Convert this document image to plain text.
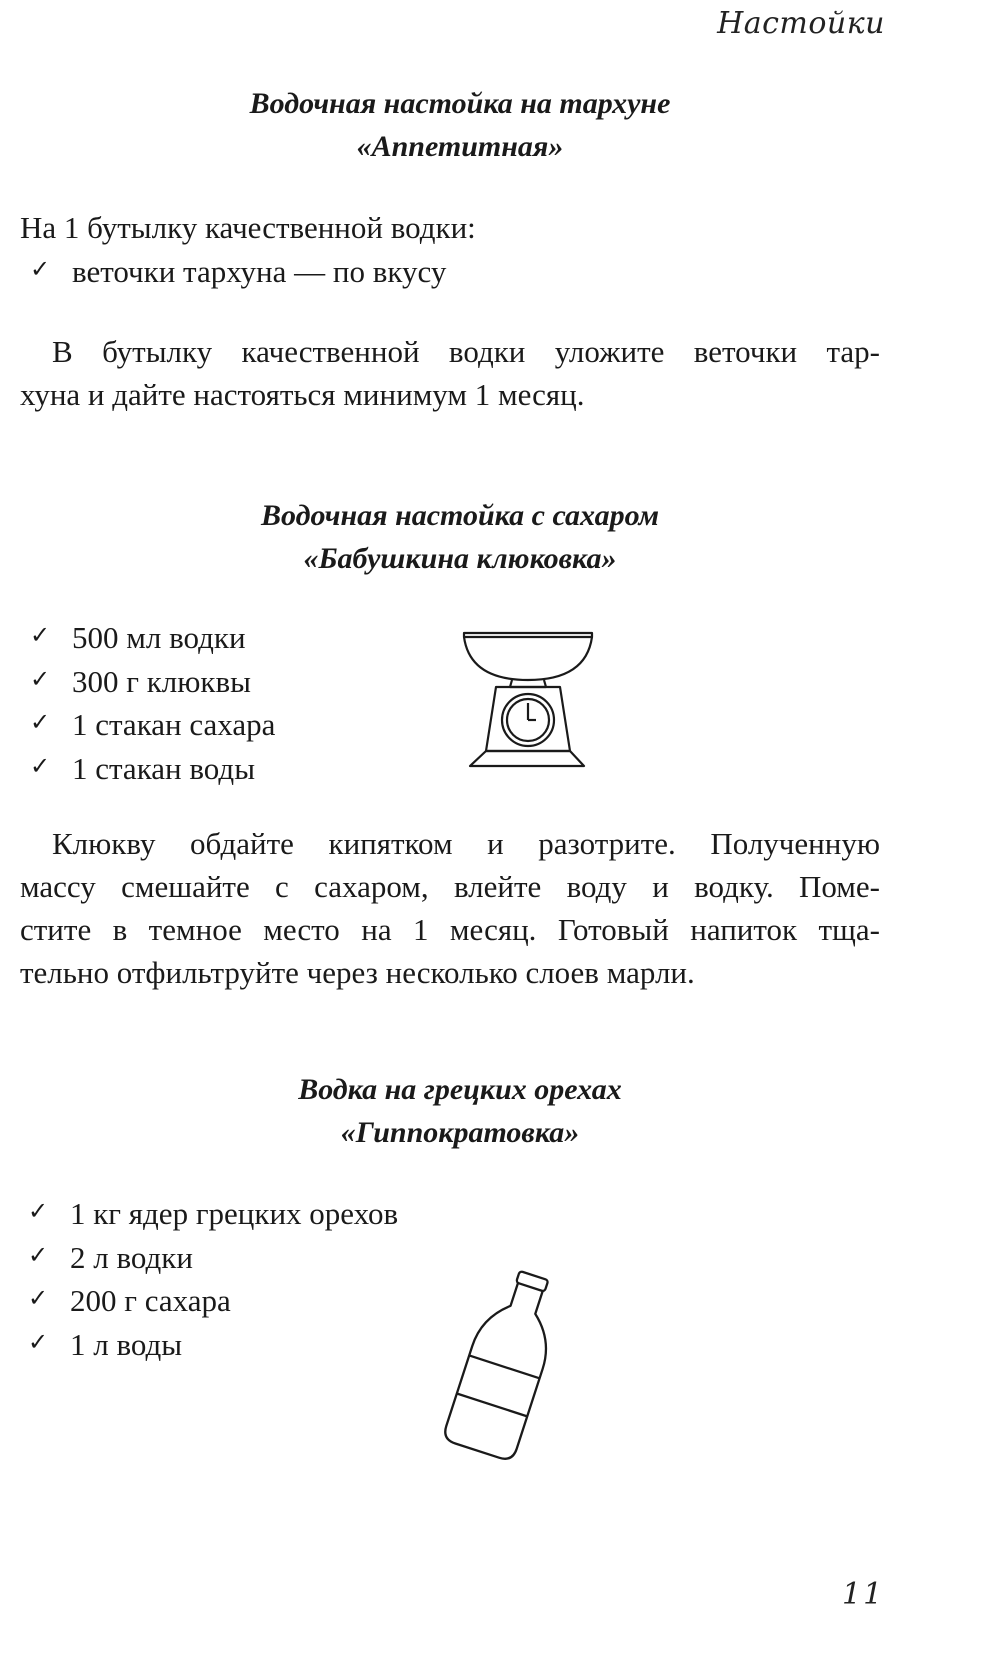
Настойки
Водочная настойка на тархуне
«Аппетитная»

На 1 бутылку качественной водки:

✓ веточки тархуна — по вкусу
В бутылку качественной водки уложите веточки тар-
хуна и дайте настояться минимум 1 месяц.
Водочная настойка с сахаром
«Бабушкина клюковка»
✓ 500 мл водки
✓ 300 г клюквы
✓ 1 стакан сахара
✓ 1 стакан воды
Клюкву обдайте кипятком и разотрите. Полученную
массу смешайте с сахаром, влейте воду и водку. Поме-
стите в темное место на 1 месяц. Готовый напиток тща-
тельно отфильтруйте через несколько слоев марли.
Водка на грецких орехах
«Гиппократовка»
✓ 1 кг ядер грецких орехов
✓ 2 л водки
✓ 200 г сахара
✓ 1 л воды
11
